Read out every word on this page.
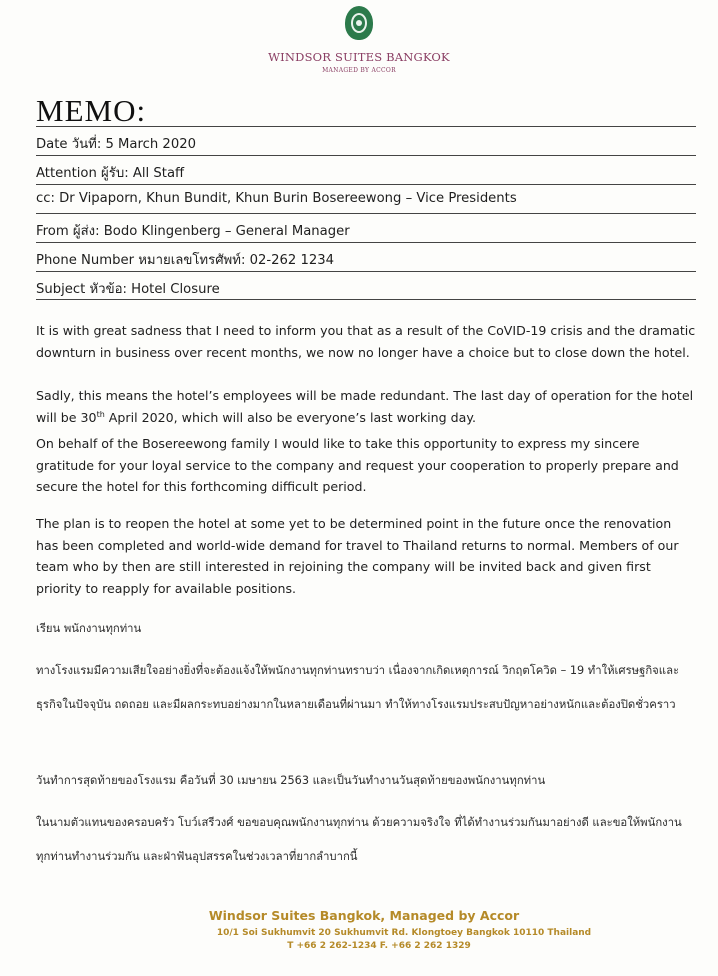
WINDSOR SUITES BANGKOK
MANAGED BY ACCOR
MEMO:
Date วันที่: 5 March 2020
Attention ผู้รับ: All Staff
cc: Dr Vipaporn, Khun Bundit, Khun Burin Bosereewong – Vice Presidents
From ผู้ส่ง: Bodo Klingenberg – General Manager
Phone Number หมายเลขโทรศัพท์: 02-262 1234
Subject หัวข้อ: Hotel Closure
It is with great sadness that I need to inform you that as a result of the CoVID-19 crisis and the dramatic downturn in business over recent months, we now no longer have a choice but to close down the hotel.
Sadly, this means the hotel’s employees will be made redundant. The last day of operation for the hotel will be 30th April 2020, which will also be everyone’s last working day.
On behalf of the Bosereewong family I would like to take this opportunity to express my sincere gratitude for your loyal service to the company and request your cooperation to properly prepare and secure the hotel for this forthcoming difficult period.
The plan is to reopen the hotel at some yet to be determined point in the future once the renovation has been completed and world-wide demand for travel to Thailand returns to normal. Members of our team who by then are still interested in rejoining the company will be invited back and given first priority to reapply for available positions.
เรียน พนักงานทุกท่าน
ทางโรงแรมมีความเสียใจอย่างยิ่งที่จะต้องแจ้งให้พนักงานทุกท่านทราบว่า เนื่องจากเกิดเหตุการณ์ วิกฤตโควิด – 19 ทำให้เศรษฐกิจและธุรกิจในปัจจุบัน ถดถอย และมีผลกระทบอย่างมากในหลายเดือนที่ผ่านมา ทำให้ทางโรงแรมประสบปัญหาอย่างหนักและต้องปิดชั่วคราว
วันทำการสุดท้ายของโรงแรม คือวันที่ 30 เมษายน 2563 และเป็นวันทำงานวันสุดท้ายของพนักงานทุกท่าน
ในนามตัวแทนของครอบครัว โบว์เสรีวงศ์ ขอขอบคุณพนักงานทุกท่าน ด้วยความจริงใจ ที่ได้ทำงานร่วมกันมาอย่างดี และขอให้พนักงานทุกท่านทำงานร่วมกัน และฝ่าฟันอุปสรรคในช่วงเวลาที่ยากลำบากนี้
Windsor Suites Bangkok, Managed by Accor
10/1 Soi Sukhumvit 20 Sukhumvit Rd. Klongtoey Bangkok 10110 Thailand
T +66 2 262-1234 F. +66 2 262 1329
